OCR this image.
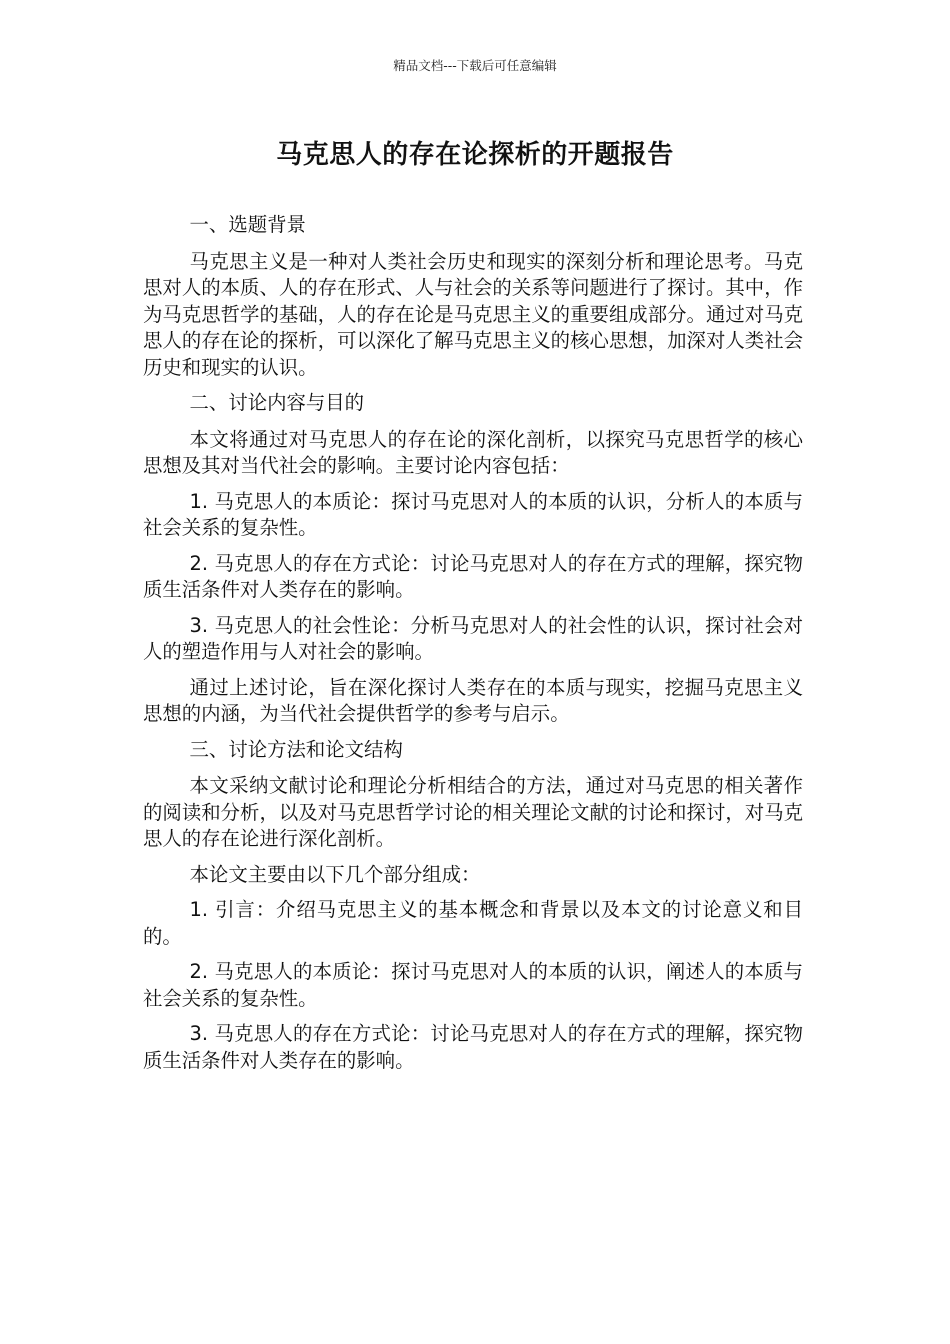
精品文档---下载后可任意编辑
马克思人的存在论探析的开题报告

一、选题背景

马克思主义是一种对人类社会历史和现实的深刻分析和理论思考。马克思对人的本质、人的存在形式、人与社会的关系等问题进行了探讨。其中，作为马克思哲学的基础，人的存在论是马克思主义的重要组成部分。通过对马克思人的存在论的探析，可以深化了解马克思主义的核心思想，加深对人类社会历史和现实的认识。

二、讨论内容与目的

本文将通过对马克思人的存在论的深化剖析，以探究马克思哲学的核心思想及其对当代社会的影响。主要讨论内容包括：

1. 马克思人的本质论：探讨马克思对人的本质的认识，分析人的本质与社会关系的复杂性。

2. 马克思人的存在方式论：讨论马克思对人的存在方式的理解，探究物质生活条件对人类存在的影响。

3. 马克思人的社会性论：分析马克思对人的社会性的认识，探讨社会对人的塑造作用与人对社会的影响。

通过上述讨论，旨在深化探讨人类存在的本质与现实，挖掘马克思主义思想的内涵，为当代社会提供哲学的参考与启示。

三、讨论方法和论文结构

本文采纳文献讨论和理论分析相结合的方法，通过对马克思的相关著作的阅读和分析，以及对马克思哲学讨论的相关理论文献的讨论和探讨，对马克思人的存在论进行深化剖析。

本论文主要由以下几个部分组成：

1. 引言：介绍马克思主义的基本概念和背景以及本文的讨论意义和目的。

2. 马克思人的本质论：探讨马克思对人的本质的认识，阐述人的本质与社会关系的复杂性。

3. 马克思人的存在方式论：讨论马克思对人的存在方式的理解，探究物质生活条件对人类存在的影响。
